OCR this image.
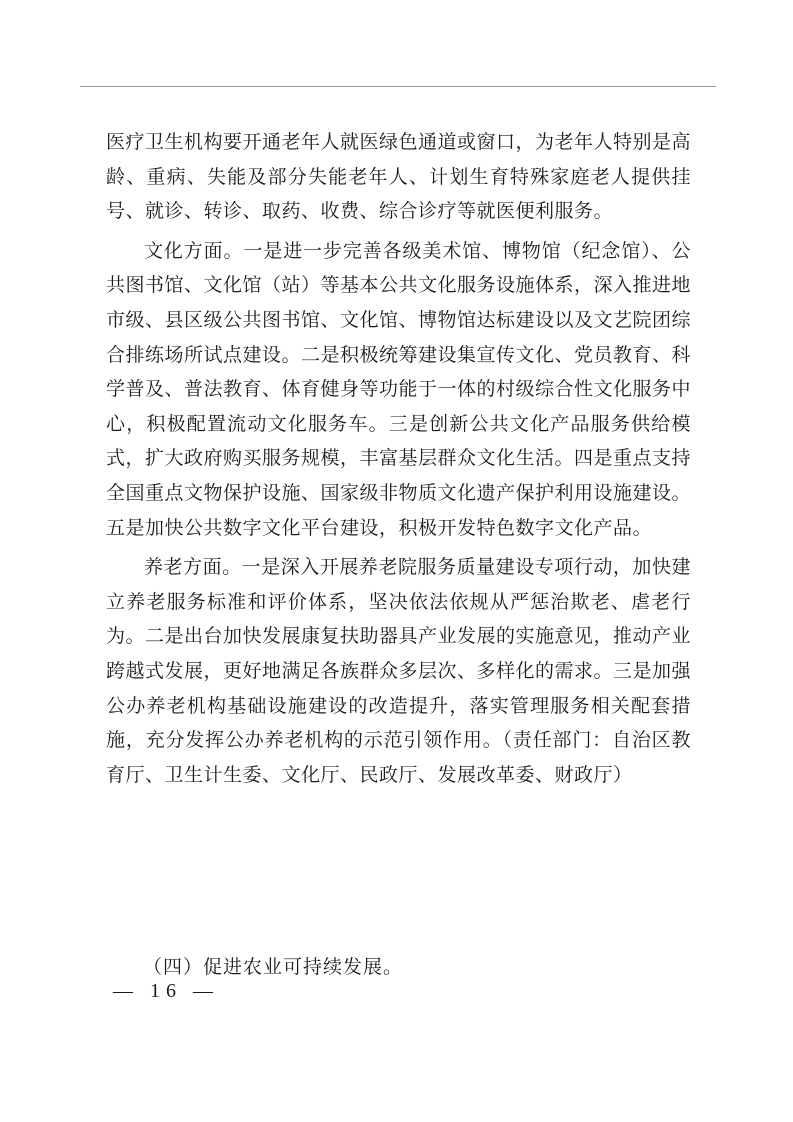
医疗卫生机构要开通老年人就医绿色通道或窗口，为老年人特别是高龄、重病、失能及部分失能老年人、计划生育特殊家庭老人提供挂号、就诊、转诊、取药、收费、综合诊疗等就医便利服务。

文化方面。一是进一步完善各级美术馆、博物馆（纪念馆）、公共图书馆、文化馆（站）等基本公共文化服务设施体系，深入推进地市级、县区级公共图书馆、文化馆、博物馆达标建设以及文艺院团综合排练场所试点建设。二是积极统筹建设集宣传文化、党员教育、科学普及、普法教育、体育健身等功能于一体的村级综合性文化服务中心，积极配置流动文化服务车。三是创新公共文化产品服务供给模式，扩大政府购买服务规模，丰富基层群众文化生活。四是重点支持全国重点文物保护设施、国家级非物质文化遗产保护利用设施建设。五是加快公共数字文化平台建设，积极开发特色数字文化产品。

养老方面。一是深入开展养老院服务质量建设专项行动，加快建立养老服务标准和评价体系，坚决依法依规从严惩治欺老、虐老行为。二是出台加快发展康复扶助器具产业发展的实施意见，推动产业跨越式发展，更好地满足各族群众多层次、多样化的需求。三是加强公办养老机构基础设施建设的改造提升，落实管理服务相关配套措施，充分发挥公办养老机构的示范引领作用。（责任部门：自治区教育厅、卫生计生委、文化厅、民政厅、发展改革委、财政厅）

（四）促进农业可持续发展。
— 16 —
